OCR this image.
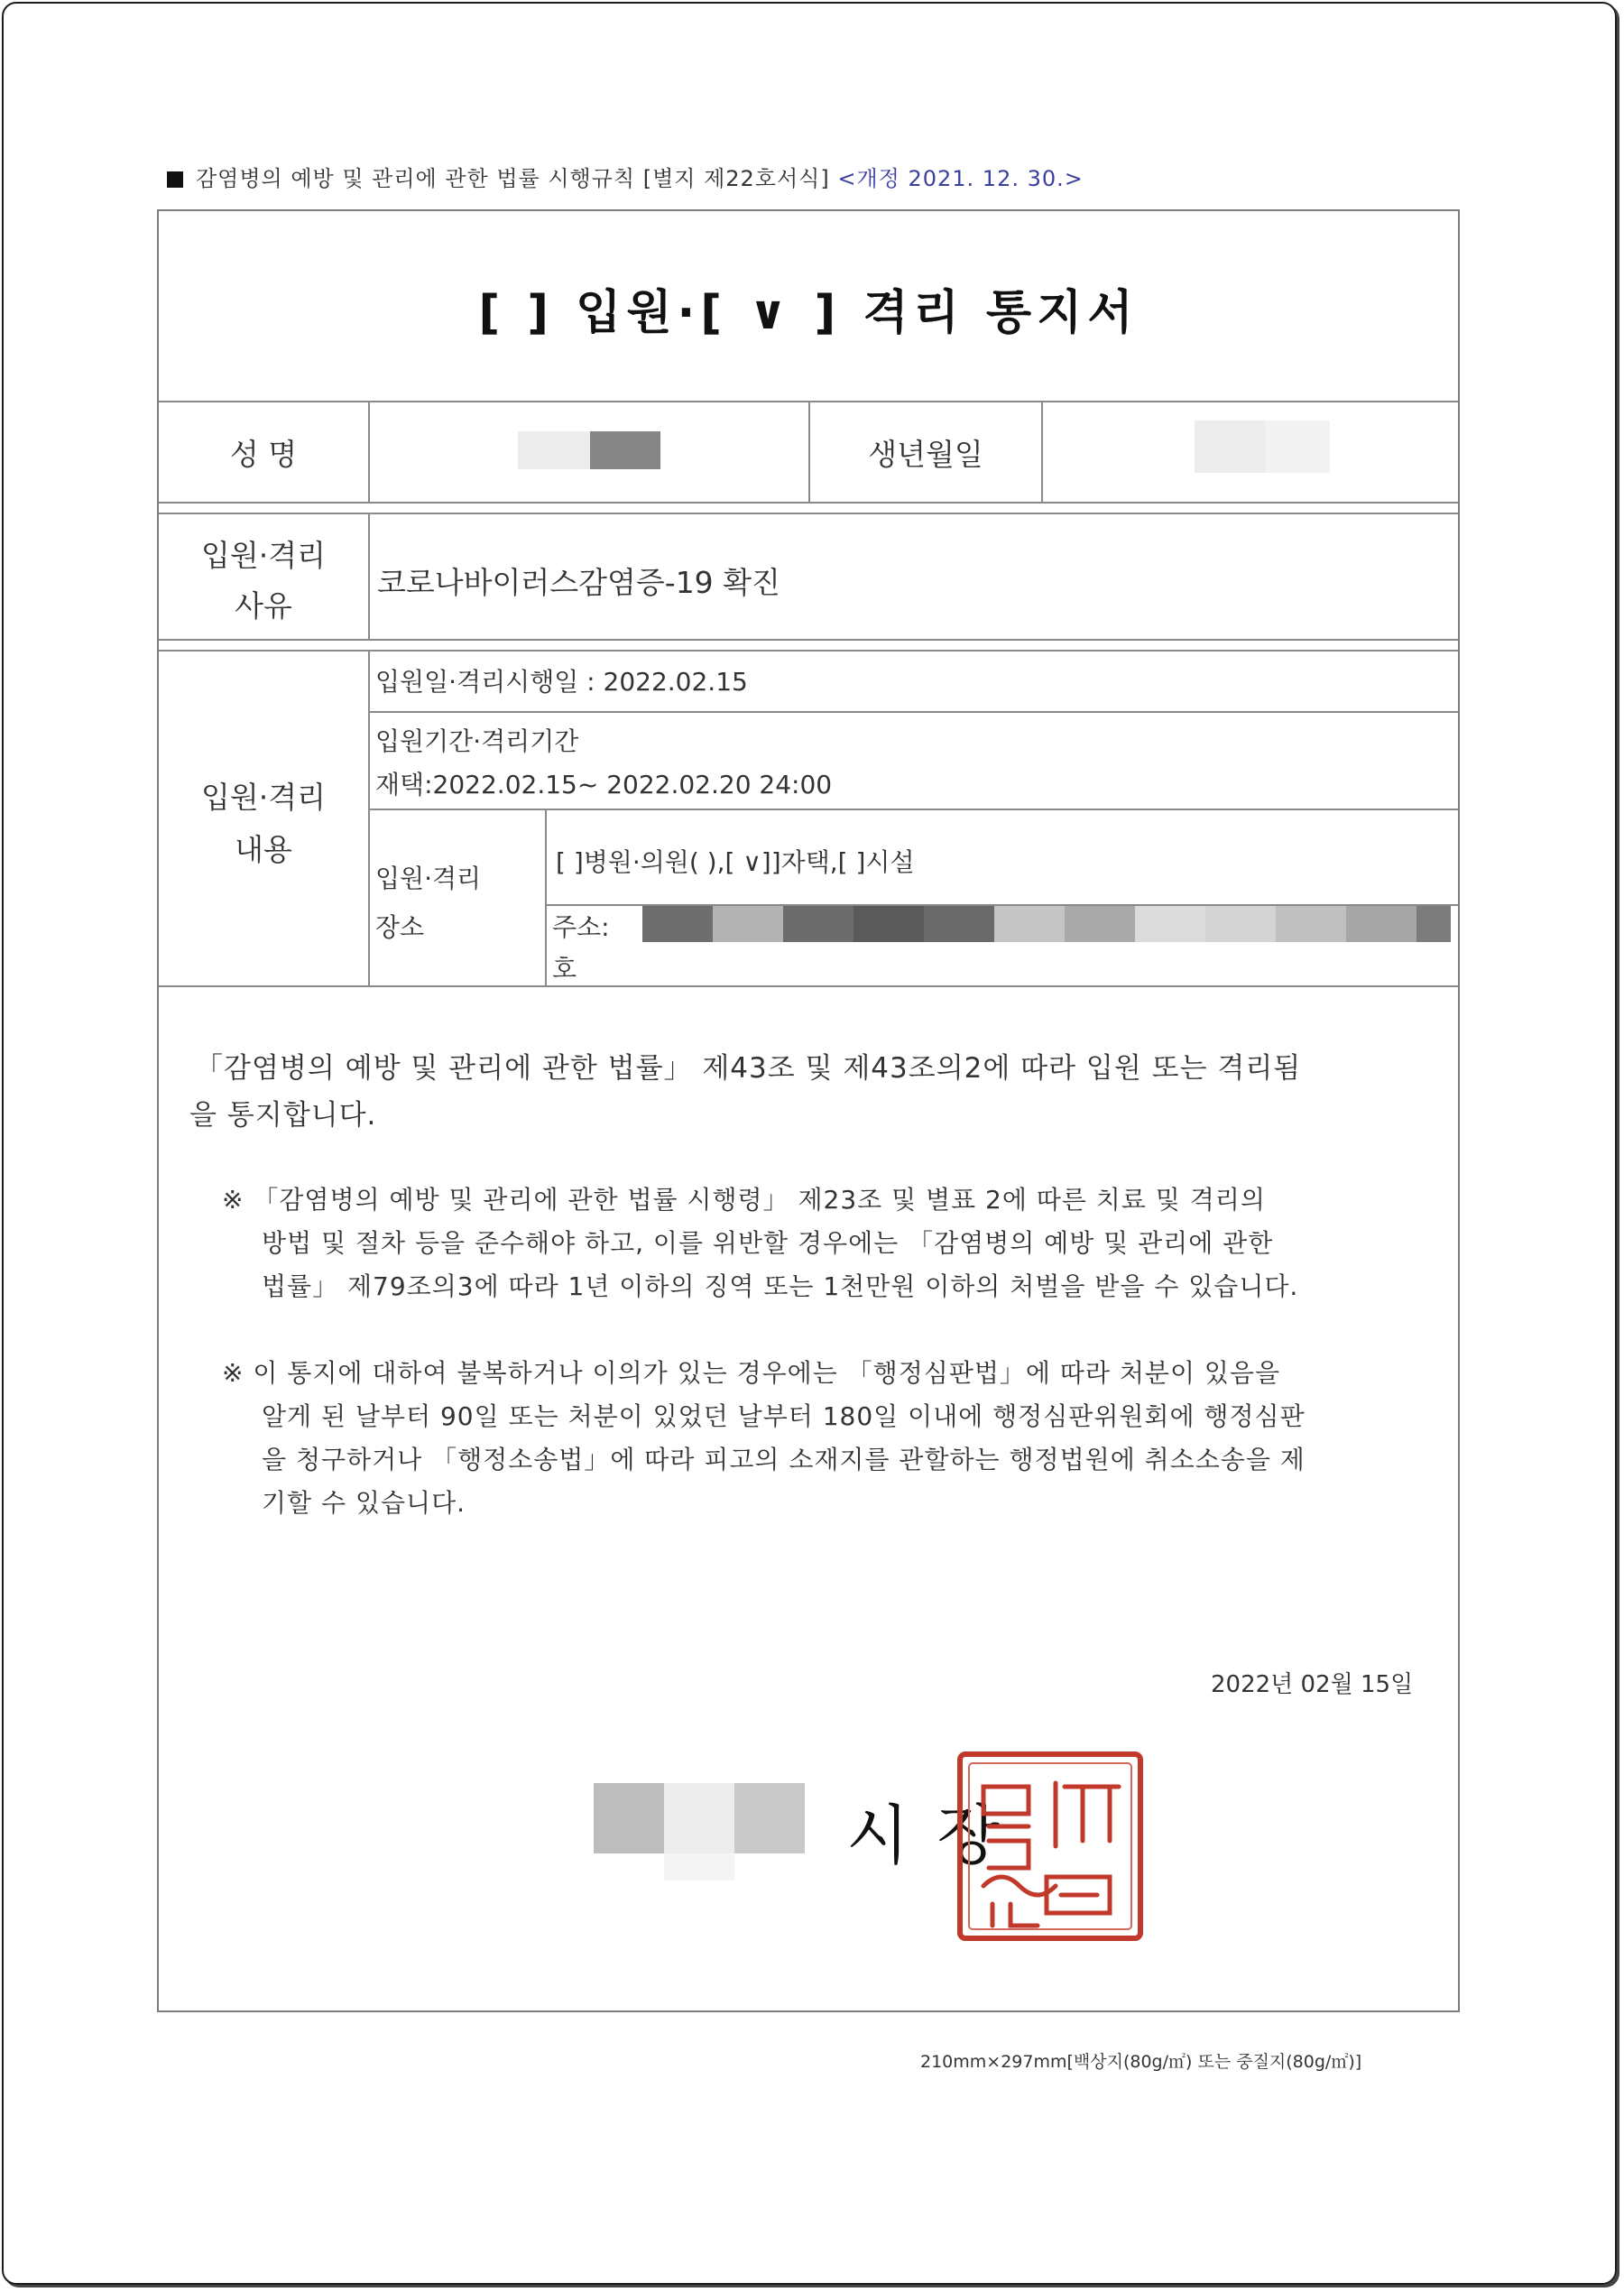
감염병의 예방 및 관리에 관한 법률 시행규칙 [별지 제22호서식] <개정 2021. 12. 30.>
[ ] 입원·[ ∨ ] 격리 통지서
성 명	생년월일
입원·격리
사유
코로나바이러스감염증-19 확진
입원·격리
내용
입원일·격리시행일 : 2022.02.15
입원기간·격리기간
재택:2022.02.15~ 2022.02.20 24:00
입원·격리
장소
[ ]병원·의원( ),[ ∨]]자택,[ ]시설
주소:
호
「감염병의 예방 및 관리에 관한 법률」 제43조 및 제43조의2에 따라 입원 또는 격리됨
을 통지합니다.
※ 「감염병의 예방 및 관리에 관한 법률 시행령」 제23조 및 별표 2에 따른 치료 및 격리의
방법 및 절차 등을 준수해야 하고, 이를 위반할 경우에는 「감염병의 예방 및 관리에 관한
법률」 제79조의3에 따라 1년 이하의 징역 또는 1천만원 이하의 처벌을 받을 수 있습니다.
※ 이 통지에 대하여 불복하거나 이의가 있는 경우에는 「행정심판법」에 따라 처분이 있음을
알게 된 날부터 90일 또는 처분이 있었던 날부터 180일 이내에 행정심판위원회에 행정심판
을 청구하거나 「행정소송법」에 따라 피고의 소재지를 관할하는 행정법원에 취소소송을 제
기할 수 있습니다.
2022년 02월 15일
시 장
210mm×297mm[백상지(80g/㎡) 또는 중질지(80g/㎡)]
